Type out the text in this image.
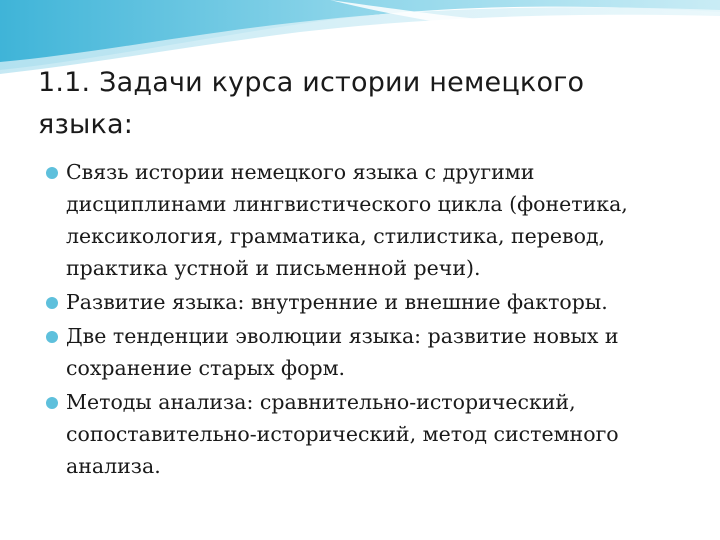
1.1. Задачи курса истории немецкого языка:
Связь истории немецкого языка с другими дисциплинами лингвистического цикла (фонетика, лексикология, грамматика, стилистика, перевод, практика устной и письменной речи).
Развитие языка: внутренние и внешние факторы.
Две тенденции эволюции языка: развитие новых и сохранение старых форм.
Методы анализа: сравнительно-исторический, сопоставительно-исторический, метод системного анализа.
